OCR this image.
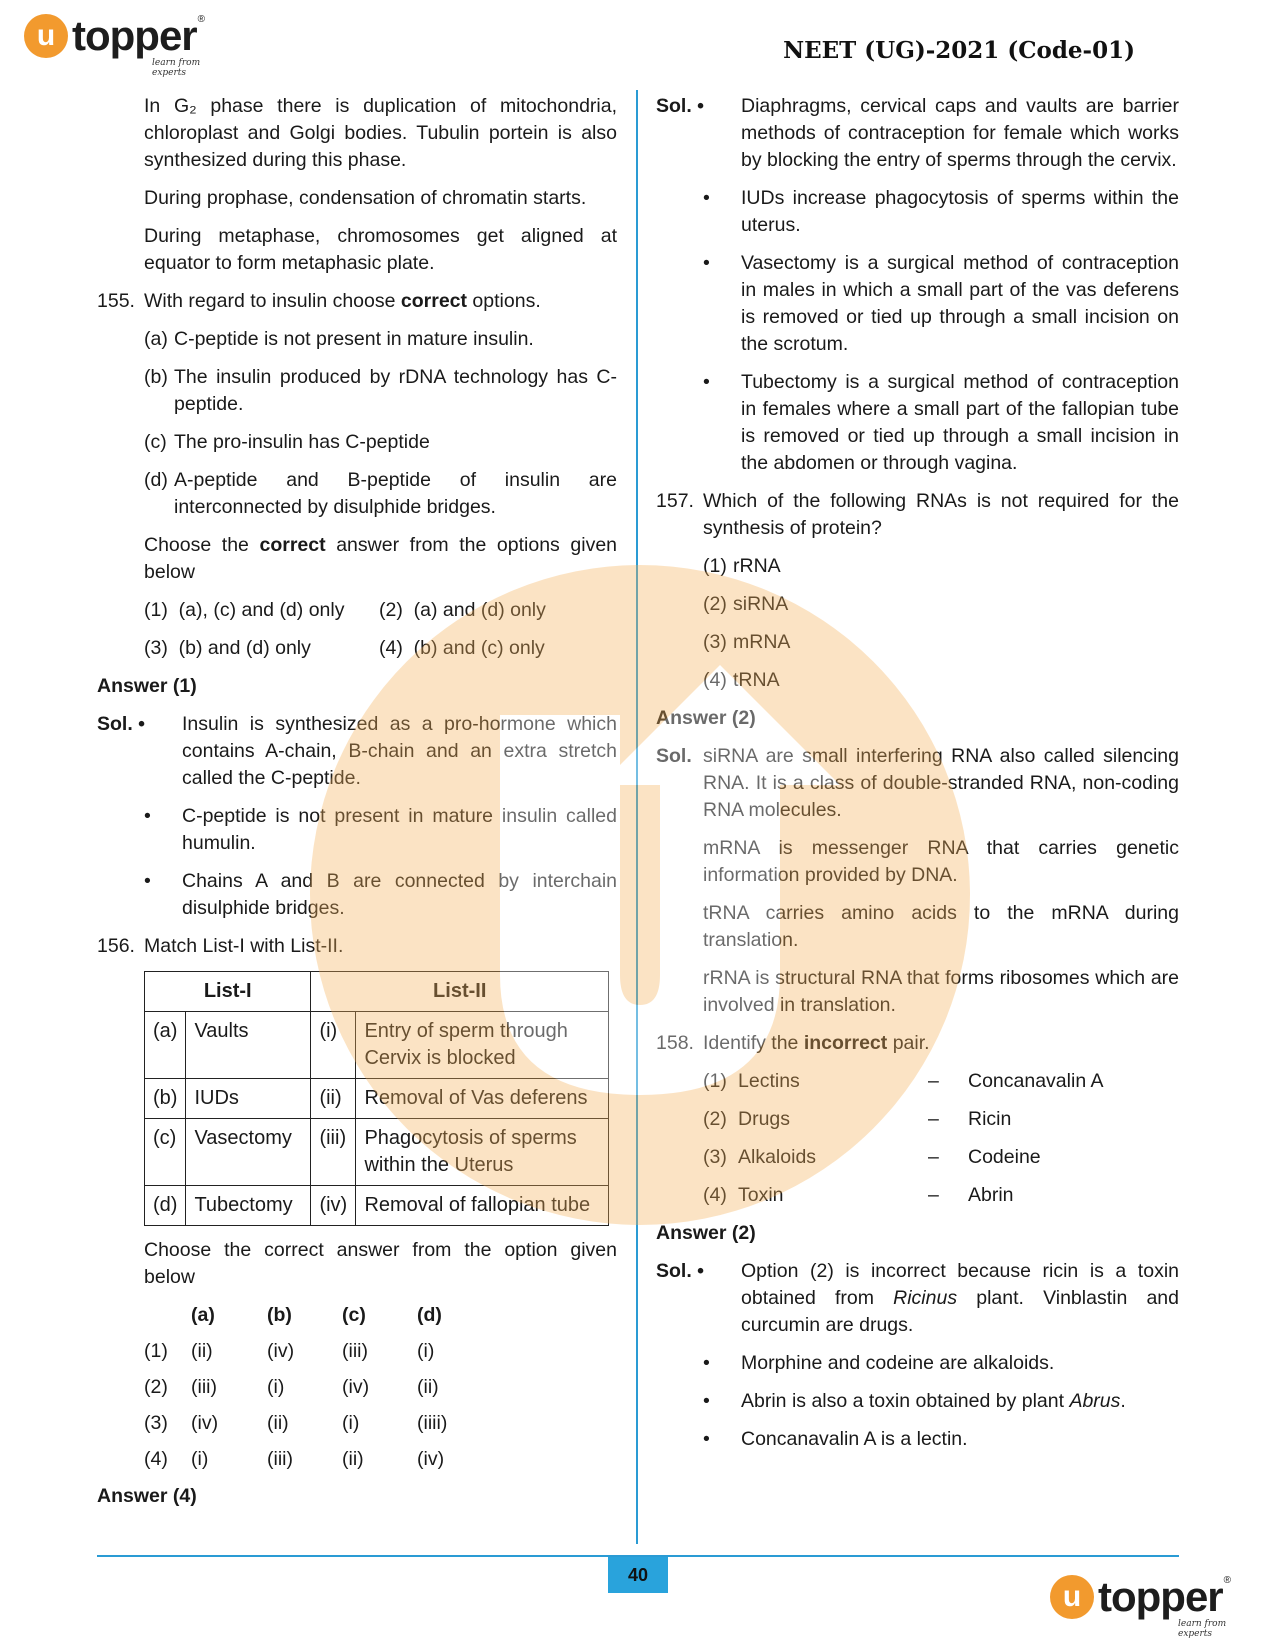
u topper ®
learn from experts
NEET (UG)-2021 (Code-01)

In G₂ phase there is duplication of mitochondria, chloroplast and Golgi bodies. Tubulin portein is also synthesized during this phase.

During prophase, condensation of chromatin starts.

During metaphase, chromosomes get aligned at equator to form metaphasic plate.

155. With regard to insulin choose correct options.
(a) C-peptide is not present in mature insulin.
(b) The insulin produced by rDNA technology has C-peptide.
(c) The pro-insulin has C-peptide
(d) A-peptide and B-peptide of insulin are interconnected by disulphide bridges.

Choose the correct answer from the options given below

(1)  (a), (c) and (d) only	(2)  (a) and (d) only
(3)  (b) and (d) only	(4)  (b) and (c) only

Answer (1)

Sol. •	Insulin is synthesized as a pro-hormone which contains A-chain, B-chain and an extra stretch called the C-peptide.
•	C-peptide is not present in mature insulin called humulin.
•	Chains A and B are connected by interchain disulphide bridges.
156. Match List-I with List-II.
List-I		List-II	
(a)	Vaults	(i)	Entry of sperm through Cervix is blocked
(b)	IUDs	(ii)	Removal of Vas deferens
(c)	Vasectomy	(iii)	Phagocytosis of sperms within the Uterus
(d)	Tubectomy	(iv)	Removal of fallopian tube

Choose the correct answer from the option given below

(a)	(b)	(c)	(d)
(1)	(ii)	(iv)	(iii)	(i)
(2)	(iii)	(i)	(iv)	(ii)
(3)	(iv)	(ii)	(i)	(iiii)
(4)	(i)	(iii)	(ii)	(iv)

Answer (4)

Sol. •	Diaphragms, cervical caps and vaults are barrier methods of contraception for female which works by blocking the entry of sperms through the cervix.
•	IUDs increase phagocytosis of sperms within the uterus.
•	Vasectomy is a surgical method of contraception in males in which a small part of the vas deferens is removed or tied up through a small incision on the scrotum.
•	Tubectomy is a surgical method of contraception in females where a small part of the fallopian tube is removed or tied up through a small incision in the abdomen or through vagina.
157. Which of the following RNAs is not required for the synthesis of protein?
(1) rRNA
(2) siRNA
(3) mRNA
(4) tRNA

Answer (2)

Sol. siRNA are small interfering RNA also called silencing RNA. It is a class of double-stranded RNA, non-coding RNA molecules.

mRNA is messenger RNA that carries genetic information provided by DNA.

tRNA carries amino acids to the mRNA during translation.

rRNA is structural RNA that forms ribosomes which are involved in translation.

158. Identify the incorrect pair.
(1) Lectins	–	Concanavalin A
(2) Drugs	–	Ricin
(3) Alkaloids	–	Codeine
(4) Toxin	–	Abrin

Answer (2)

Sol. •	Option (2) is incorrect because ricin is a toxin obtained from Ricinus plant. Vinblastin and curcumin are drugs.
•	Morphine and codeine are alkaloids.
•	Abrin is also a toxin obtained by plant Abrus.
•	Concanavalin A is a lectin.
40
u topper ®
learn from experts
